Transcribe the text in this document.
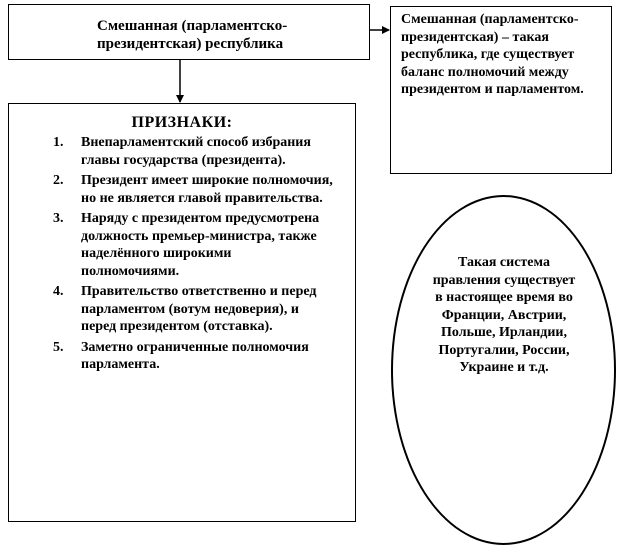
Смешанная (парламентско-президентская) республика
Смешанная (парламентско-президентская) – такая республика, где существует баланс полномочий между президентом и парламентом.
ПРИЗНАКИ:
1. Внепарламентский способ избрания главы государства (президента).
2. Президент имеет широкие полномочия, но не является главой правительства.
3. Наряду с президентом предусмотрена должность премьер-министра, также наделённого широкими полномочиями.
4. Правительство ответственно и перед парламентом (вотум недоверия), и перед президентом (отставка).
5. Заметно ограниченные полномочия парламента.
Такая система правления существует в настоящее время во Франции, Австрии, Польше, Ирландии, Португалии, России, Украине и т.д.
